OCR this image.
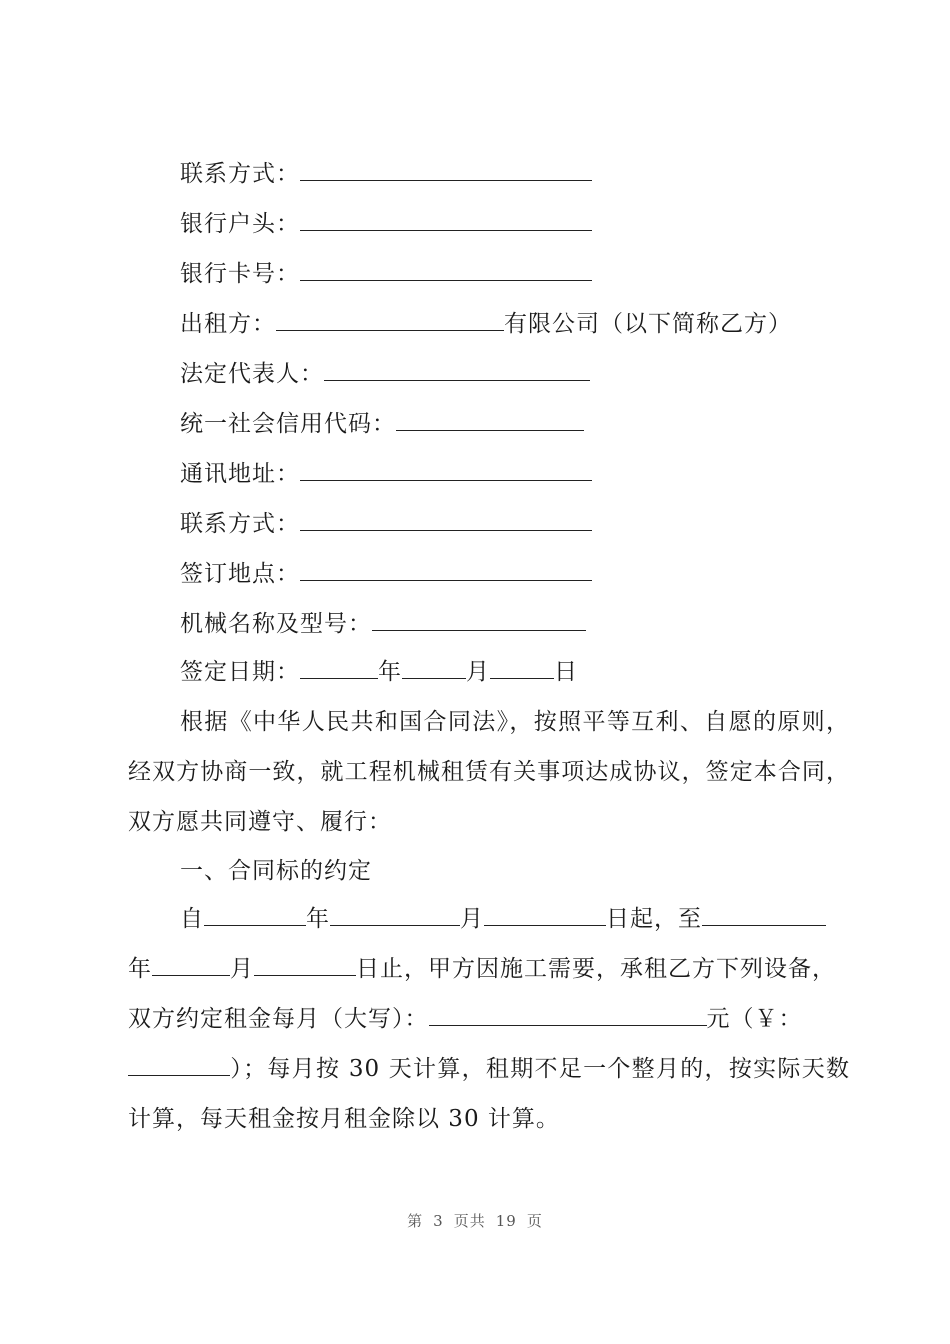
联系方式：
银行户头：
银行卡号：
出租方：	有限公司（以下简称乙方）
法定代表人：
统一社会信用代码：
通讯地址：
联系方式：
签订地点：
机械名称及型号：
签定日期：	年	月	日

根据《中华人民共和国合同法》，按照平等互利、自愿的原则，经双方协商一致，就工程机械租赁有关事项达成协议，签定本合同，双方愿共同遵守、履行：

一、合同标的约定

自	年	月	日起，至

年	月	日止，甲方因施工需要，承租乙方下列设备，

双方约定租金每月（大写）：	元（￥：

）；每月按 30 天计算，租期不足一个整月的，按实际天数计算，每天租金按月租金除以 30 计算。

第 3 页共 19 页
